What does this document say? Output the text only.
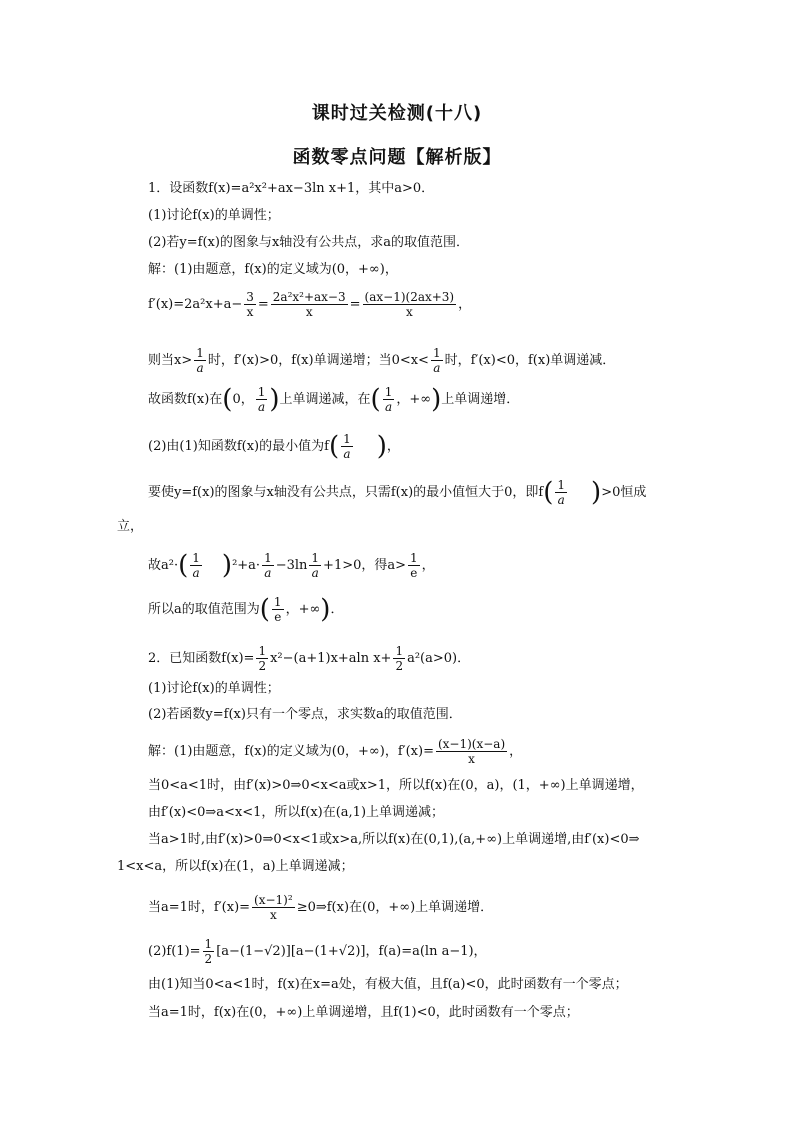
课时过关检测(十八)
函数零点问题【解析版】
1．设函数f(x)=a²x²+ax−3ln x+1，其中a>0．
(1)讨论f(x)的单调性；
(2)若y=f(x)的图象与x轴没有公共点，求a的取值范围．
解：(1)由题意，f(x)的定义域为(0，+∞)，
$f'(x)=2a^2x+a- \frac{3}{x} = \frac{\text{2a²x²+ax−3}}{x} = \frac{(ax-1)(2ax+3)}{x}$ ，
则当$x> \frac{1}{a}$ 时，f′(x)>0，f(x)单调递增；当$0<x< \frac{1}{a}$ 时，f′(x)<0，f(x)单调递减．
故函数f(x)在(0， $\frac{1}{a}$ )上单调递减，在( $\frac{1}{a}$ ，+∞)上单调递增．
(2)由(1)知函数f(x)的最小值为$f( \frac{1}{a}$ )，
要使y=f(x)的图象与x轴没有公共点，只需f(x)的最小值恒大于0，即$f( \frac{1}{a} )>0$恒成
立，
故$a^2\cdot( \frac{1}{a} )^2+a\cdot \frac{1}{a} -3\ln \frac{1}{a} +1>0$，得$a> \frac{1}{e}$ ，
所以a的取值范围为( $\frac{1}{e}$ ，+∞)．
2．已知函数$f(x)= \frac{1}{2} x^2-(a+1)x+aln$ $x+ \frac{1}{2} a^2(a>0)$．
(1)讨论f(x)的单调性；
(2)若函数y=f(x)只有一个零点，求实数a的取值范围．
解：(1)由题意，f(x)的定义域为(0，+∞)，$f'(x)= \frac{(x-1)(x-a)}{x}$ ，
当0<a<1时，由f′(x)>0⇒0<x<a或x>1，所以f(x)在(0，a)，(1，+∞)上单调递增，
由f′(x)<0⇒a<x<1，所以f(x)在(a,1)上单调递减；
当a>1时,由f′(x)>0⇒0<x<1或x>a,所以f(x)在(0,1),(a,+∞)上单调递增,由f′(x)<0⇒
1<x<a，所以f(x)在(1，a)上单调递减；
当a=1时，$f'(x)= \frac{\text{(x−1)²}}{x}$ ≥0⇒f(x)在(0，+∞)上单调递增．
$(2)f(1)= \frac{1}{2} [a-(1-√2)][a-(1+√2)]$，f(a)=a(ln a−1)，
由(1)知当0<a<1时，f(x)在x=a处，有极大值，且f(a)<0，此时函数有一个零点；
当a=1时，f(x)在(0，+∞)上单调递增，且f(1)<0，此时函数有一个零点；
